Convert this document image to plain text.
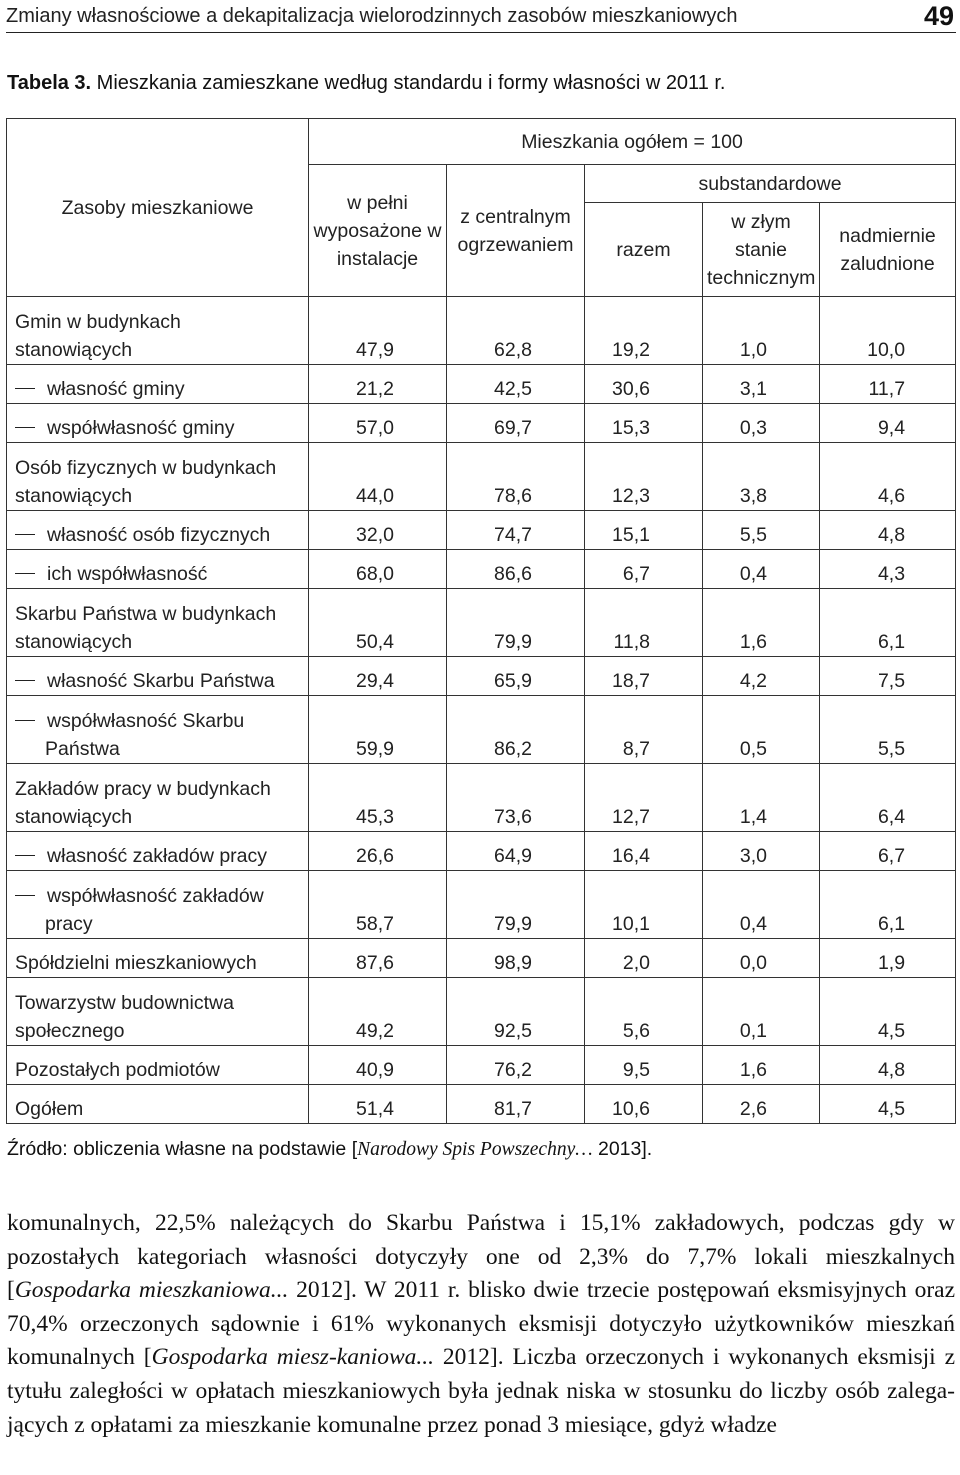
Zmiany własnościowe a dekapitalizacja wielorodzinnych zasobów mieszkaniowych	49
Tabela 3. Mieszkania zamieszkane według standardu i formy własności w 2011 r.
Zasoby mieszkaniowe	Mieszkania ogółem = 100				
	w pełni wyposażone w instalacje	z centralnym ogrzewaniem	substandardowe		
			razem	w złym stanie technicznym	nadmiernie zaludnione
Gmin w budynkach stanowiących	47,9	62,8	19,2	1,0	10,0
własność gminy	21,2	42,5	30,6	3,1	11,7
współwłasność gminy	57,0	69,7	15,3	0,3	9,4
Osób fizycznych w budynkach stanowiących	44,0	78,6	12,3	3,8	4,6
własność osób fizycznych	32,0	74,7	15,1	5,5	4,8
ich współwłasność	68,0	86,6	6,7	0,4	4,3
Skarbu Państwa w budynkach stanowiących	50,4	79,9	11,8	1,6	6,1
własność Skarbu Państwa	29,4	65,9	18,7	4,2	7,5
współwłasność Skarbu Państwa	59,9	86,2	8,7	0,5	5,5
Zakładów pracy w budynkach stanowiących	45,3	73,6	12,7	1,4	6,4
własność zakładów pracy	26,6	64,9	16,4	3,0	6,7
współwłasność zakładów pracy	58,7	79,9	10,1	0,4	6,1
Spółdzielni mieszkaniowych	87,6	98,9	2,0	0,0	1,9
Towarzystw budownictwa społecznego	49,2	92,5	5,6	0,1	4,5
Pozostałych podmiotów	40,9	76,2	9,5	1,6	4,8
Ogółem	51,4	81,7	10,6	2,6	4,5
Źródło: obliczenia własne na podstawie [Narodowy Spis Powszechny… 2013].

komunalnych, 22,5% należących do Skarbu Państwa i 15,1% zakładowych, podczas gdy w pozostałych kategoriach własności dotyczyły one od 2,3% do 7,7% lokali mieszkalnych [Gospodarka mieszkaniowa... 2012]. W 2011 r. blisko dwie trzecie postępowań eksmisyjnych oraz 70,4% orzeczonych sądownie i 61% wykonanych eksmisji dotyczyło użytkowników mieszkań komunalnych [Gospodarka miesz-kaniowa... 2012]. Liczba orzeczonych i wykonanych eksmisji z tytułu zaległości w opłatach mieszkaniowych była jednak niska w stosunku do liczby osób zalega-jących z opłatami za mieszkanie komunalne przez ponad 3 miesiące, gdyż władze
